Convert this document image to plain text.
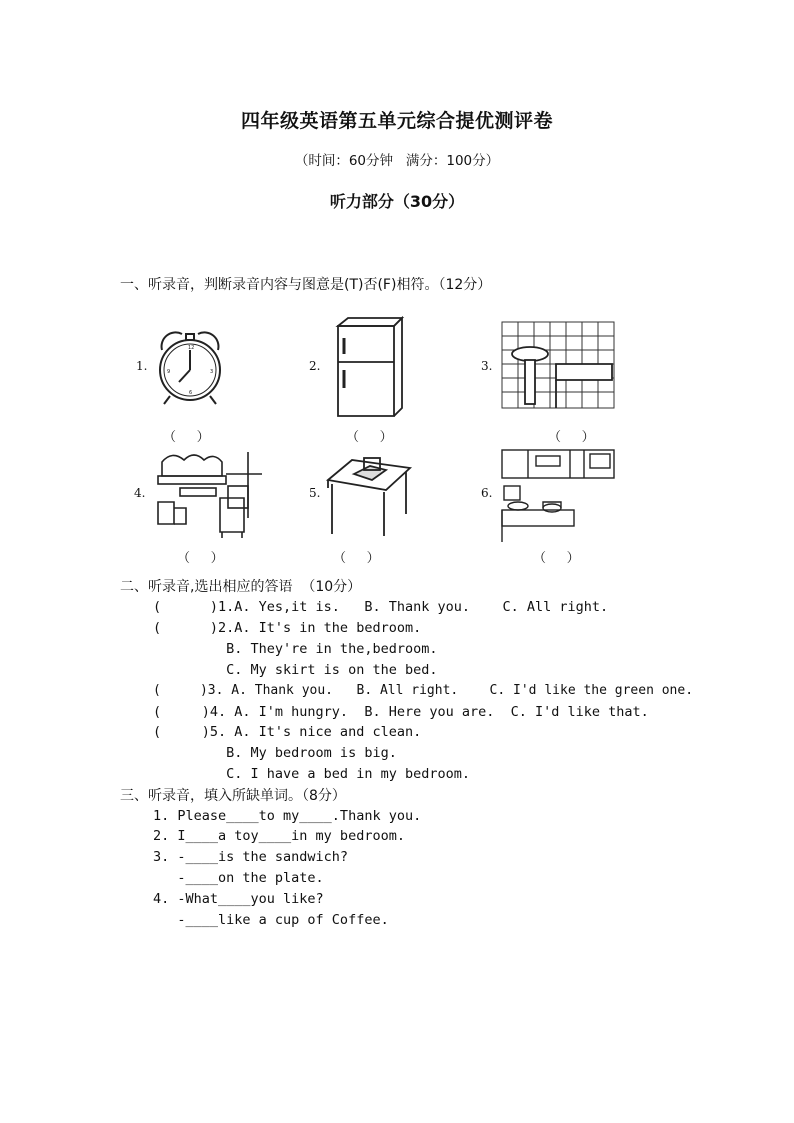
四年级英语第五单元综合提优测评卷
（时间：60分钟   满分：100分）
听力部分（30分）
一、听录音，判断录音内容与图意是(T)否(F)相符。（12分）
1.
12
3
6
9
（     ）
2.
（     ）
3.
（     ）
4.
（     ）
5.
（     ）
6.
（     ）
二、听录音,选出相应的答语  （10分）
(      )1.A. Yes,it is.   B. Thank you.    C. All right.
(      )2.A. It's in the bedroom.
B. They're in the,bedroom.
C. My skirt is on the bed.
(     )3. A. Thank you.   B. All right.    C. I'd like the green one.
(     )4. A. I'm hungry.  B. Here you are.  C. I'd like that.
(     )5. A. It's nice and clean.
B. My bedroom is big.
C. I have a bed in my bedroom.
三、听录音，填入所缺单词。（8分）
1. Please____to my____.Thank you.
2. I____a toy____in my bedroom.
3. -____is the sandwich?
-____on the plate.
4. -What____you like?
-____like a cup of Coffee.
